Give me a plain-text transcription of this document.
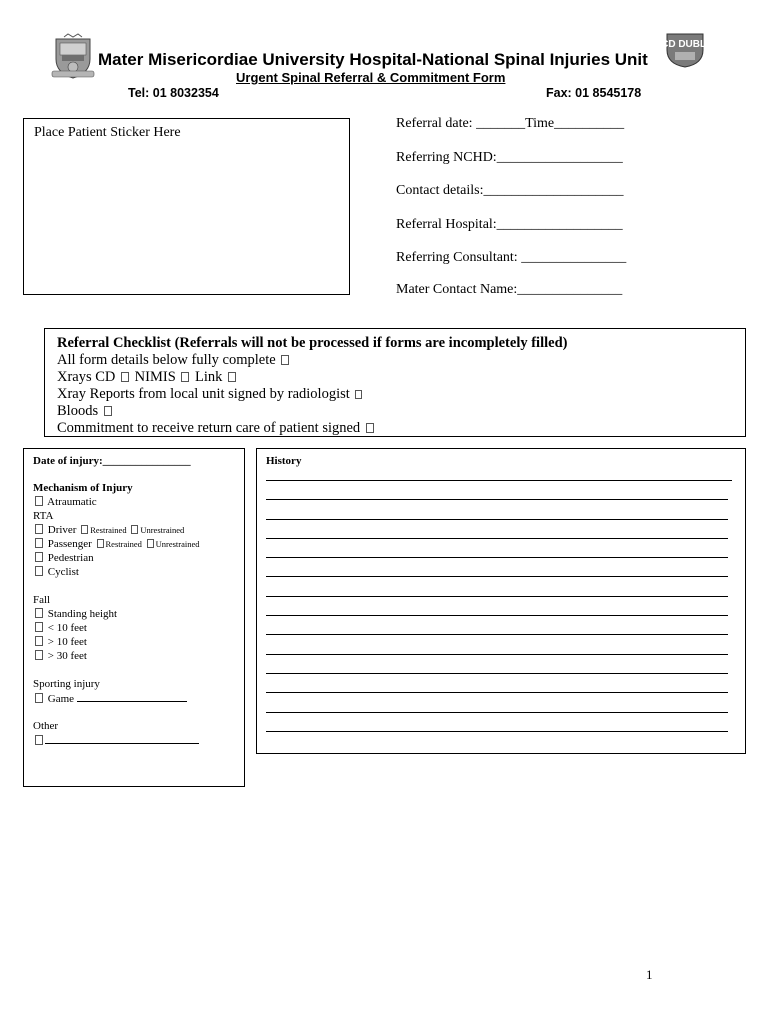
Mater Misericordiae University Hospital-National Spinal Injuries Unit
Urgent Spinal Referral & Commitment Form
Tel: 01 8032354	Fax: 01 8545178
UCD DUBLIN
Place Patient Sticker Here
Referral date: _______Time__________
Referring NCHD:__________________
Contact details:____________________
Referral Hospital:__________________
Referring Consultant: _______________
Mater Contact Name:_______________
Referral Checklist (Referrals will not be processed if forms are incompletely filled)
All form details below fully complete
Xrays CD NIMIS Link
Xray Reports from local unit signed by radiologist
Bloods
Commitment to receive return care of patient signed
Date of injury:________________
Mechanism of Injury
Atraumatic
RTA
Driver Restrained Unrestrained
Passenger Restrained Unrestrained
Pedestrian
Cyclist
Fall
Standing height
< 10 feet
> 10 feet
> 30 feet
Sporting injury
Game
Other
History
1
